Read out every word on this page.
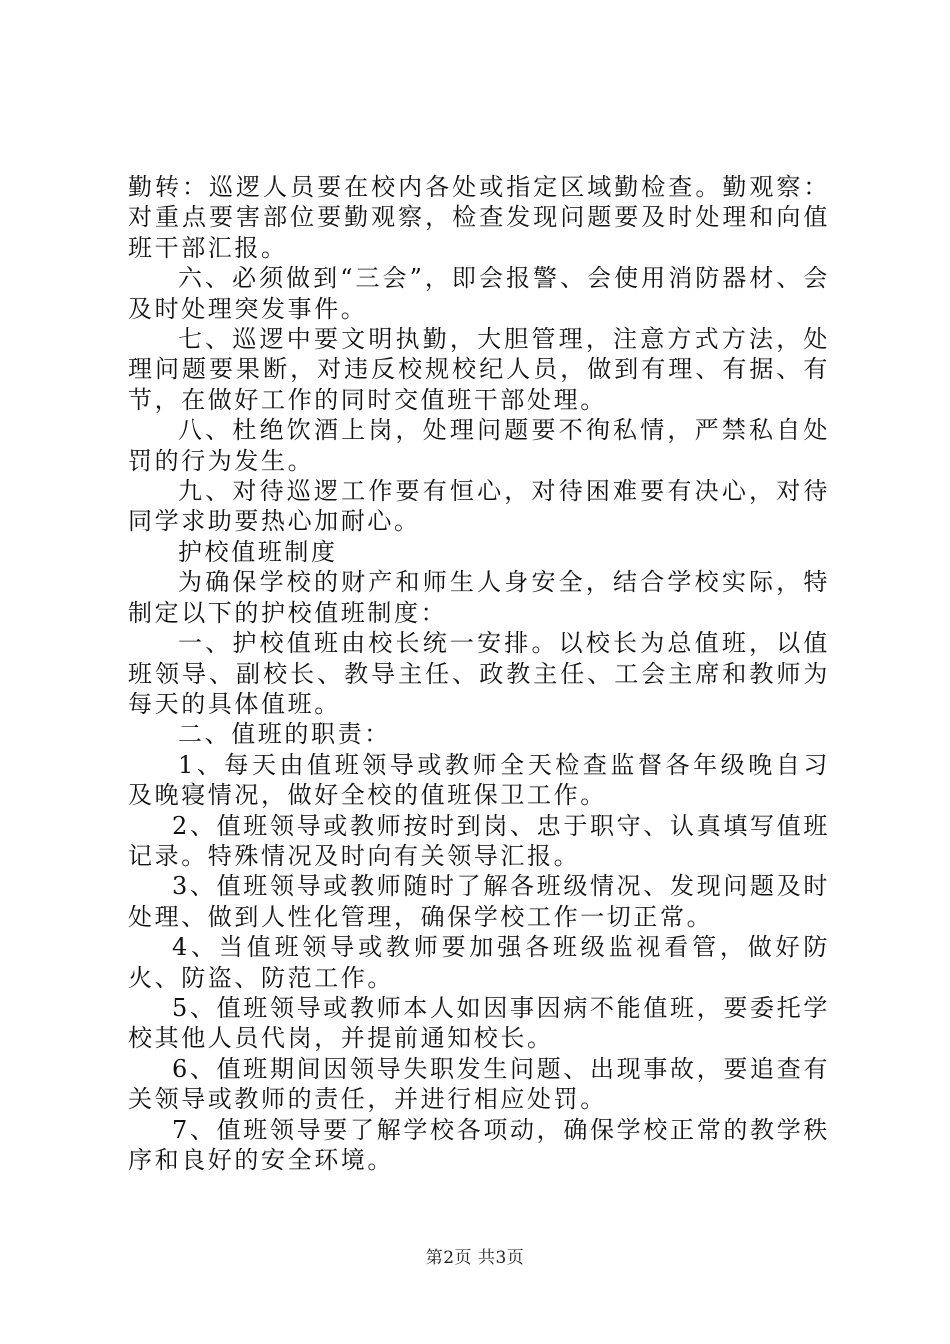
勤转：巡逻人员要在校内各处或指定区域勤检查。勤观察：对重点要害部位要勤观察，检查发现问题要及时处理和向值班干部汇报。

六、必须做到“三会”，即会报警、会使用消防器材、会及时处理突发事件。

七、巡逻中要文明执勤，大胆管理，注意方式方法，处理问题要果断，对违反校规校纪人员，做到有理、有据、有节，在做好工作的同时交值班干部处理。

八、杜绝饮酒上岗，处理问题要不徇私情，严禁私自处罚的行为发生。

九、对待巡逻工作要有恒心，对待困难要有决心，对待同学求助要热心加耐心。

护校值班制度

为确保学校的财产和师生人身安全，结合学校实际，特制定以下的护校值班制度：

一、护校值班由校长统一安排。以校长为总值班，以值班领导、副校长、教导主任、政教主任、工会主席和教师为每天的具体值班。

二、值班的职责：

1、每天由值班领导或教师全天检查监督各年级晚自习及晚寝情况，做好全校的值班保卫工作。

2、值班领导或教师按时到岗、忠于职守、认真填写值班记录。特殊情况及时向有关领导汇报。

3、值班领导或教师随时了解各班级情况、发现问题及时处理、做到人性化管理，确保学校工作一切正常。

4、当值班领导或教师要加强各班级监视看管，做好防火、防盗、防范工作。

5、值班领导或教师本人如因事因病不能值班，要委托学校其他人员代岗，并提前通知校长。

6、值班期间因领导失职发生问题、出现事故，要追查有关领导或教师的责任，并进行相应处罚。

7、值班领导要了解学校各项动，确保学校正常的教学秩序和良好的安全环境。

第2页 共3页
